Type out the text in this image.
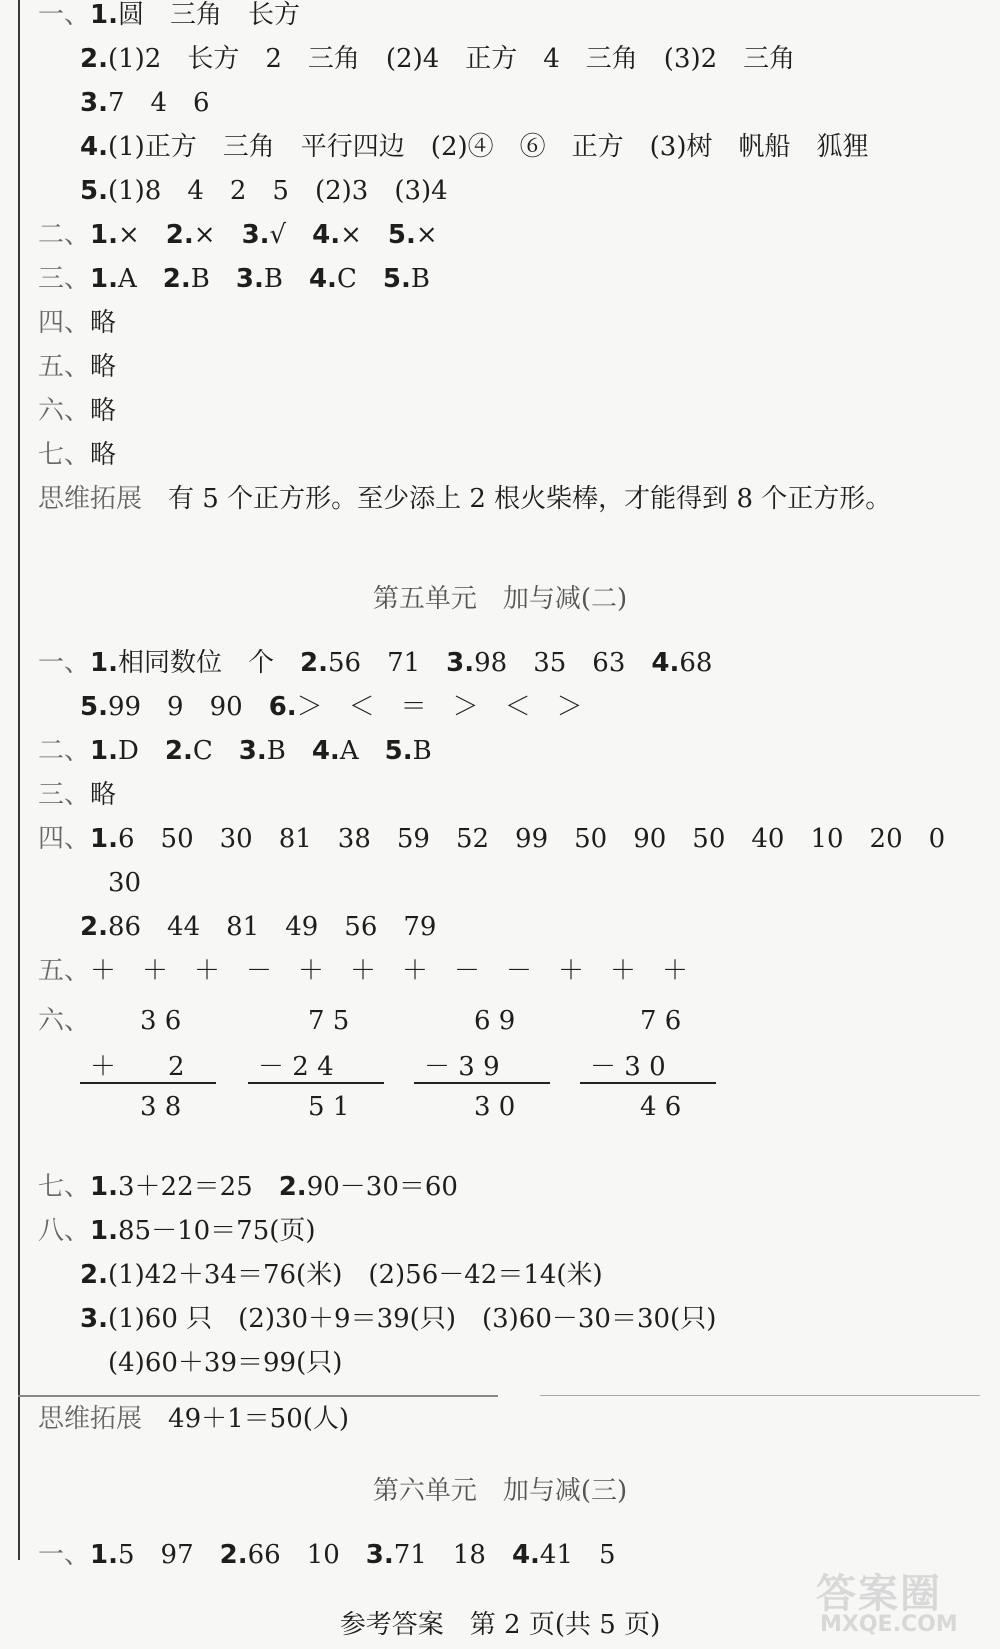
一、1.圆　三角　长方
2.(1)2　长方　2　三角　(2)4　正方　4　三角　(3)2　三角
3.7　4　6
4.(1)正方　三角　平行四边　(2)④　⑥　正方　(3)树　帆船　狐狸
5.(1)8　4　2　5　(2)3　(3)4
二、1.×　 2.×　 3.√　 4.×　 5.×
三、1.A　 2.B　 3.B　 4.C　 5.B
四、略
五、略
六、略
七、略
思维拓展　 有 5 个正方形。至少添上 2 根火柴棒，才能得到 8 个正方形。
第五单元　加与减(二)
一、1.相同数位　个　 2.56　71　 3.98　35　63　 4.68
5.99　9　90　 6.＞　＜　＝　＞　＜　＞
二、1.D　 2.C　 3.B　 4.A　 5.B
三、略
四、1.6　50　30　81　38　59　52　99　50　90　50　40　10　20　0
30
2.86　44　81　49　56　79
五、＋　＋　＋　－　＋　＋　＋　－　－　＋　＋　＋
六、 3 6
＋　　2
3 8
7 5
－ 2 4
5 1
6 9
－ 3 9
3 0
7 6
－ 3 0
4 6
七、1.3＋22＝25　 2.90－30＝60
八、1.85－10＝75(页)
2.(1)42＋34＝76(米)　(2)56－42＝14(米)
3.(1)60 只　(2)30＋9＝39(只)　(3)60－30＝30(只)
(4)60＋39＝99(只)
思维拓展　 49＋1＝50(人)
第六单元　加与减(三)
一、1.5　97　 2.66　10　 3.71　18　 4.41　5
参考答案　第 2 页(共 5 页)
答案圈
MXQE.COM
